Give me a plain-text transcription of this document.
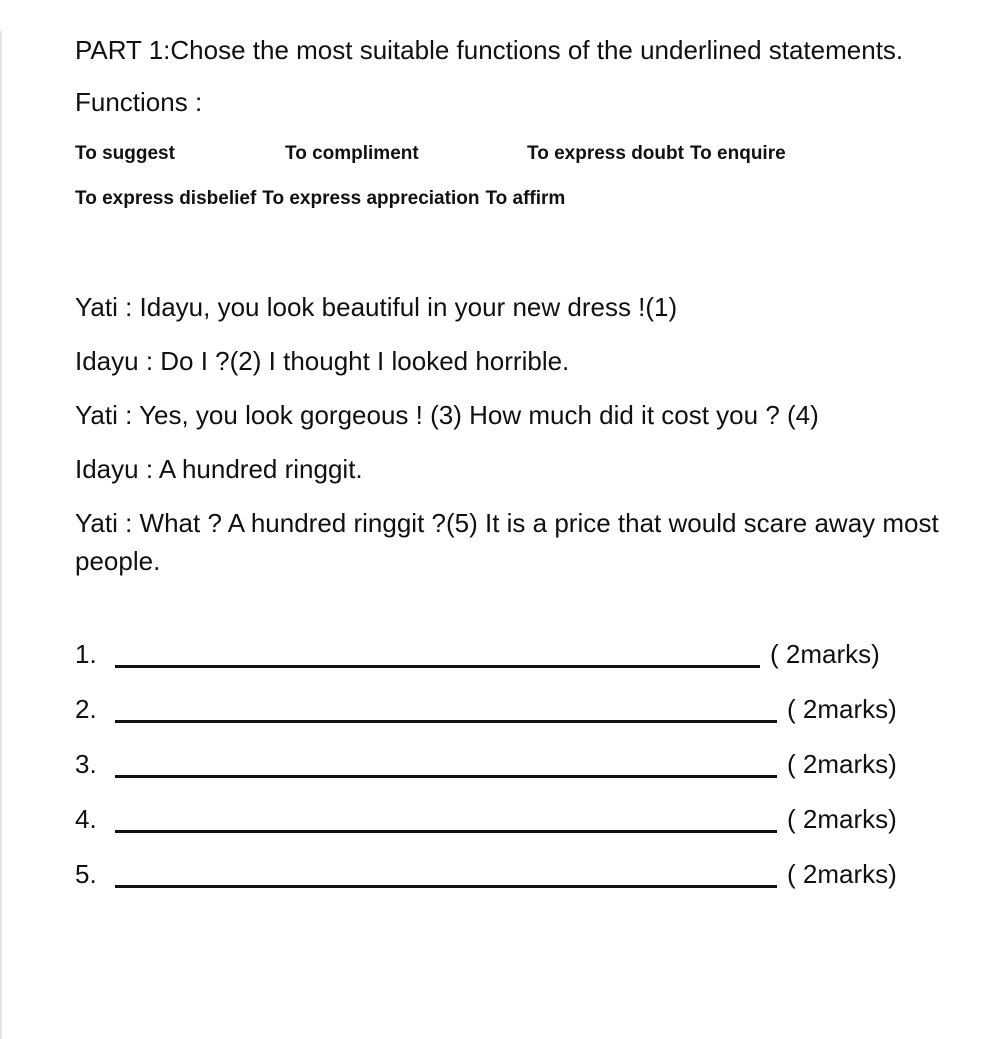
PART 1:Chose the most suitable functions of the underlined statements.

Functions :

To suggest	To compliment	To express doubt To enquire
To express disbelief To express appreciation To affirm

Yati : Idayu, you look beautiful in your new dress !(1)

Idayu : Do I ?(2) I thought I looked horrible.

Yati : Yes, you look gorgeous ! (3) How much did it cost you ? (4)

Idayu : A hundred ringgit.

Yati : What ? A hundred ringgit ?(5) It is a price that would scare away most people.

1.	( 2marks)
2.	( 2marks)
3.	( 2marks)
4.	( 2marks)
5.	( 2marks)
